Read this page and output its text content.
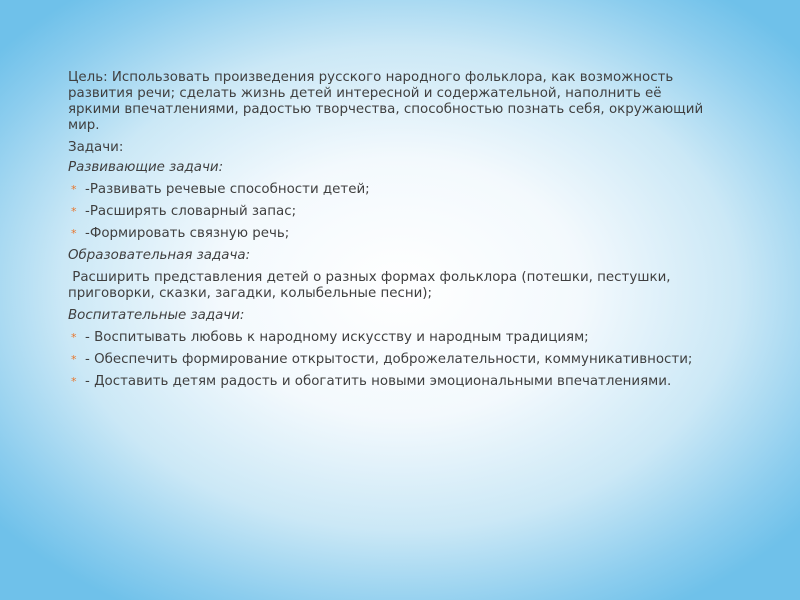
Цель: Использовать произведения русского народного фольклора, как возможность развития речи; сделать жизнь детей интересной и содержательной, наполнить её яркими впечатлениями, радостью творчества, способностью познать себя, окружающий мир.

Задачи:

Развивающие задачи:

* -Развивать речевые способности детей;
* -Расширять словарный запас;
* -Формировать связную речь;

Образовательная задача:

Расширить представления детей о разных формах фольклора (потешки, пестушки, приговорки, сказки, загадки, колыбельные песни);

Воспитательные задачи:

* - Воспитывать любовь к народному искусству и народным традициям;
* - Обеспечить формирование открытости, доброжелательности, коммуникативности;
* - Доставить детям радость и обогатить новыми эмоциональными впечатлениями.
